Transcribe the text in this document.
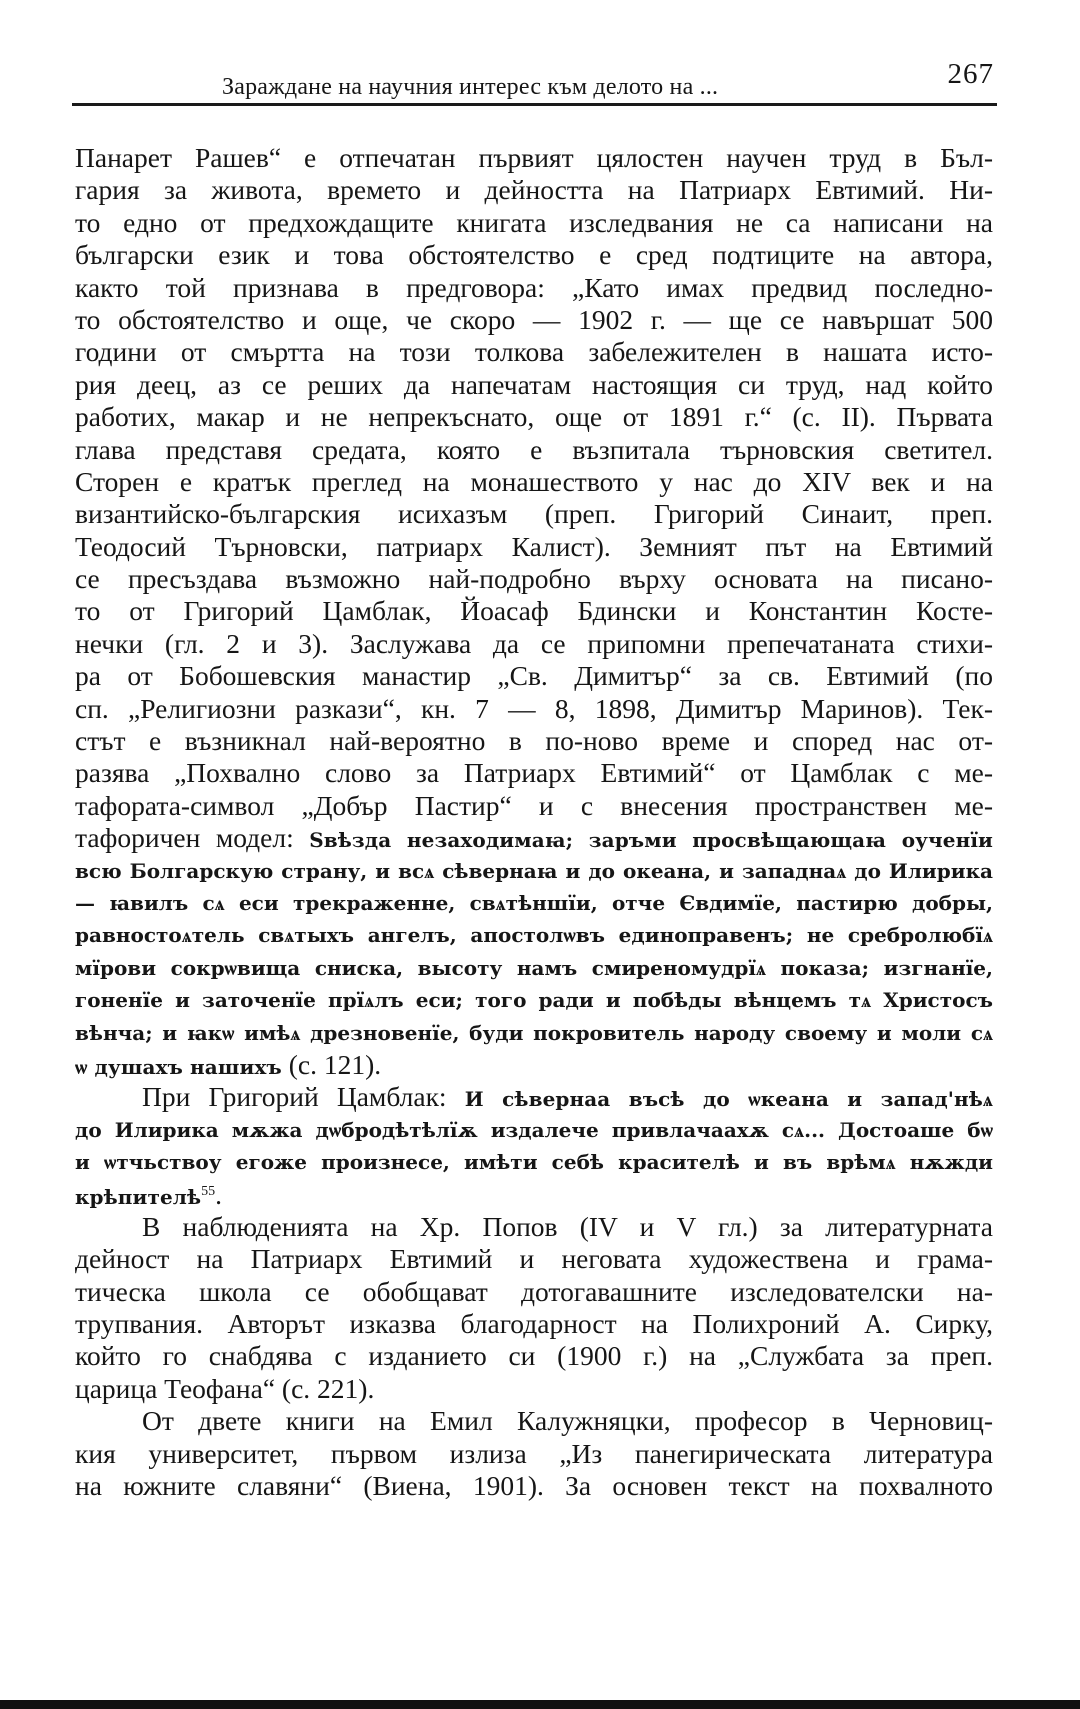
Зараждане на научния интерес към делото на ...	267
Панарет Рашев“ е отпечатан първият цялостен научен труд в Бъл-
гария за живота, времето и дейността на Патриарх Евтимий. Ни-
то едно от предхождащите книгата изследвания не са написани на
български език и това обстоятелство е сред подтиците на автора,
както той признава в предговора: „Като имах предвид последно-
то обстоятелство и още, че скоро — 1902 г. — ще се навършат 500
години от смъртта на този толкова забележителен в нашата исто-
рия деец, аз се реших да напечатам настоящия си труд, над който
работих, макар и не непрекъснато, още от 1891 г.“ (с. II). Първата
глава представя средата, която е възпитала търновския светител.
Сторен е кратък преглед на монашеството у нас до XIV век и на
византийско-българския исихазъм (преп. Григорий Синаит, преп.
Теодосий Търновски, патриарх Калист). Земният път на Евтимий
се пресъздава възможно най-подробно върху основата на писано-
то от Григорий Цамблак, Йоасаф Бдински и Константин Косте-
нечки (гл. 2 и 3). Заслужава да се припомни препечатаната стихи-
ра от Бобошевския манастир „Св. Димитър“ за св. Евтимий (по
сп. „Религиозни разкази“, кн. 7 — 8, 1898, Димитър Маринов). Тек-
стът е възникнал най-вероятно в по-ново време и според нас от-
разява „Похвално слово за Патриарх Евтимий“ от Цамблак с ме-
тафората-символ „Добър Пастир“ и с внесения пространствен ме-
тафоричен модел: Ѕвѣзда незаходимаꙗ; заръми просвѣщающаꙗ оученїи
всю Болгарскую страну, и всѧ сѣвернаꙗ и до океана, и западнаѧ до Илирика
— ꙗвилъ сѧ еси трекраженне, свѧтѣншїи, отче Євдимїе, пастирю добры,
равностоѧтель свѧтыхъ ангелъ, апостолѡвъ единоправенъ; не сребролюбїѧ
мїрови сокрѡвища сниска, высоту намъ смиреномудрїѧ показа; изгнанїе,
гоненїе и заточенїе прїѧлъ еси; того ради и побѣды вѣнцемъ тѧ Христосъ
вѣнча; и ꙗкѡ имѣѧ дрезновенїе, буди покровитель народу своему и моли сѧ
ѡ душахъ нашихъ (с. 121).
При Григорий Цамблак: И сѣвернаа въсѣ до ѡкеана и запад'нѣѧ
до Илирика мѫжа дѡбродѣтѣлїѫ издалече привлачаахѫ сѧ... Достоаше бѡ
и ѡтчьствоу егоже произнесе, имѣти себѣ красителѣ и въ врѣмѧ нѫжди
крѣпителѣ$^{55}$.
В наблюденията на Хр. Попов (IV и V гл.) за литературната
дейност на Патриарх Евтимий и неговата художествена и грама-
тическа школа се обобщават дотогавашните изследователски на-
трупвания. Авторът изказва благодарност на Полихроний А. Сирку,
който го снабдява с изданието си (1900 г.) на „Службата за преп.
царица Теофана“ (с. 221).
От двете книги на Емил Калужняцки, професор в Черновиц-
кия университет, първом излиза „Из панегирическата литература
на южните славяни“ (Виена, 1901). За основен текст на похвалното
